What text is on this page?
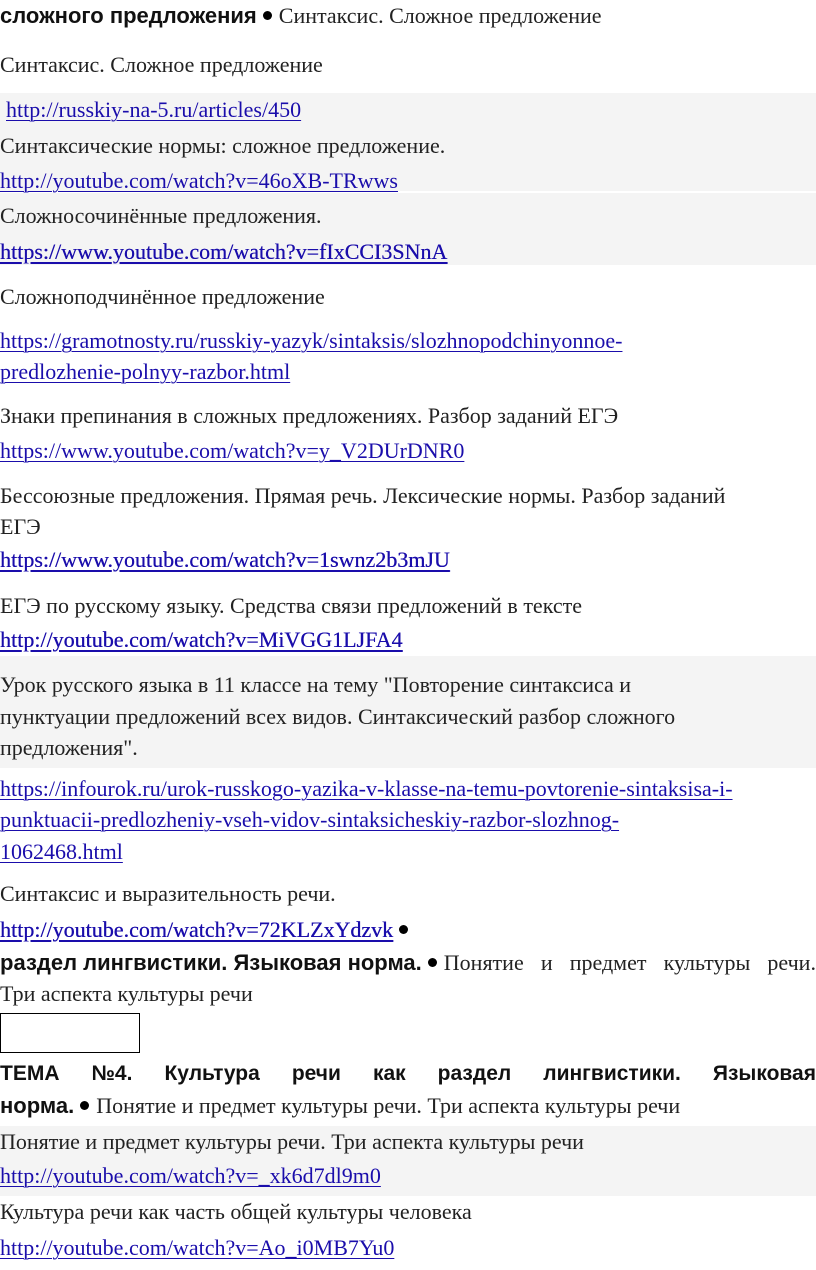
сложного предложения Синтаксис. Сложное предложение
Синтаксис. Сложное предложение
http://russkiy-na-5.ru/articles/450
Синтаксические нормы: сложное предложение.
http://youtube.com/watch?v=46oXB-TRwws
Сложносочинённые предложения.
https://www.youtube.com/watch?v=fIxCCI3SNnA
Сложноподчинённое предложение
https://gramotnosty.ru/russkiy-yazyk/sintaksis/slozhnopodchinyonnoe-
predlozhenie-polnyy-razbor.html
Знаки препинания в сложных предложениях. Разбор заданий ЕГЭ
https://www.youtube.com/watch?v=y_V2DUrDNR0
Бессоюзные предложения. Прямая речь. Лексические нормы. Разбор заданий
ЕГЭ
https://www.youtube.com/watch?v=1swnz2b3mJU
ЕГЭ по русскому языку. Средства связи предложений в тексте
http://youtube.com/watch?v=MiVGG1LJFA4
Урок русского языка в 11 классе на тему "Повторение синтаксиса и
пунктуации предложений всех видов. Синтаксический разбор сложного
предложения".
https://infourok.ru/urok-russkogo-yazika-v-klasse-na-temu-povtorenie-sintaksisa-i-
punktuacii-predlozheniy-vseh-vidov-sintaksicheskiy-razbor-slozhnog-
1062468.html
Синтаксис и выразительность речи.
http://youtube.com/watch?v=72KLZxYdzvk
раздел лингвистики. Языковая норма. Понятие и предмет культуры речи.
Три аспекта культуры речи
ТЕМА №4. Культура речи как раздел лингвистики. Языковая
норма. Понятие и предмет культуры речи. Три аспекта культуры речи
Понятие и предмет культуры речи. Три аспекта культуры речи
http://youtube.com/watch?v=_xk6d7dl9m0
Культура речи как часть общей культуры человека
http://youtube.com/watch?v=Ao_i0MB7Yu0
